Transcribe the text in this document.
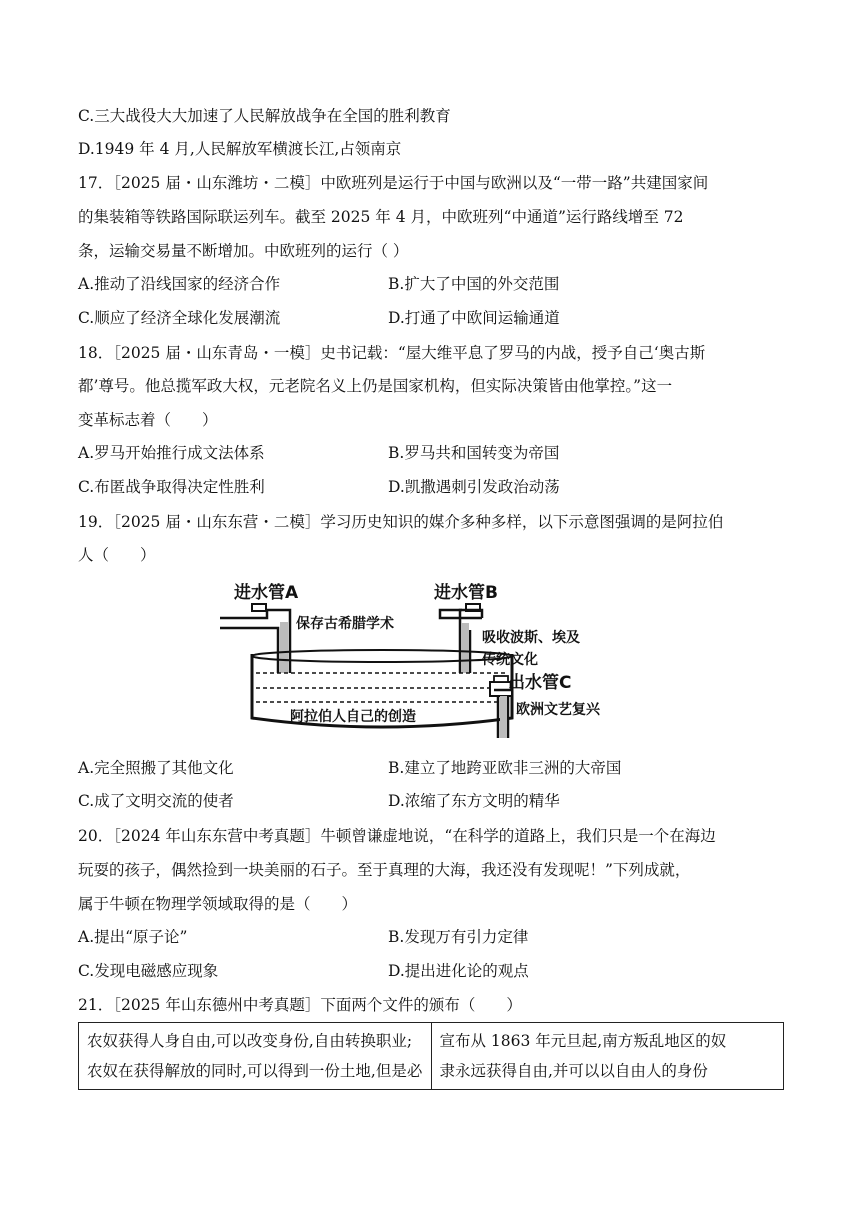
C.三大战役大大加速了人民解放战争在全国的胜利教育
D.1949 年 4 月,人民解放军横渡长江,占领南京
17．［2025 届・山东潍坊・二模］中欧班列是运行于中国与欧洲以及“一带一路”共建国家间
的集装箱等铁路国际联运列车。截至 2025 年 4 月，中欧班列“中通道”运行路线增至 72
条，运输交易量不断增加。中欧班列的运行（ ）
A.推动了沿线国家的经济合作	B.扩大了中国的外交范围
C.顺应了经济全球化发展潮流	D.打通了中欧间运输通道
18．［2025 届・山东青岛・一模］史书记载：“屋大维平息了罗马的内战，授予自己‘奥古斯
都’尊号。他总揽军政大权，元老院名义上仍是国家机构，但实际决策皆由他掌控。”这一
变革标志着（　　）
A.罗马开始推行成文法体系	B.罗马共和国转变为帝国
C.布匿战争取得决定性胜利	D.凯撒遇刺引发政治动荡
19．［2025 届・山东东营・二模］学习历史知识的媒介多种多样，以下示意图强调的是阿拉伯
人（　　）
进水管A
保存古希腊学术
进水管B
吸收波斯、埃及
传统文化
出水管C
欧洲文艺复兴
阿拉伯人自己的创造
A.完全照搬了其他文化	B.建立了地跨亚欧非三洲的大帝国
C.成了文明交流的使者	D.浓缩了东方文明的精华
20．［2024 年山东东营中考真题］牛顿曾谦虚地说，“在科学的道路上，我们只是一个在海边
玩耍的孩子，偶然捡到一块美丽的石子。至于真理的大海，我还没有发现呢！”下列成就，
属于牛顿在物理学领域取得的是（　　）
A.提出“原子论”	B.发现万有引力定律
C.发现电磁感应现象	D.提出进化论的观点
21．［2025 年山东德州中考真题］下面两个文件的颁布（　　）
农奴获得人身自由,可以改变身份,自由转换职业;
农奴在获得解放的同时,可以得到一份土地,但是必

宣布从 1863 年元旦起,南方叛乱地区的奴
隶永远获得自由,并可以以自由人的身份
